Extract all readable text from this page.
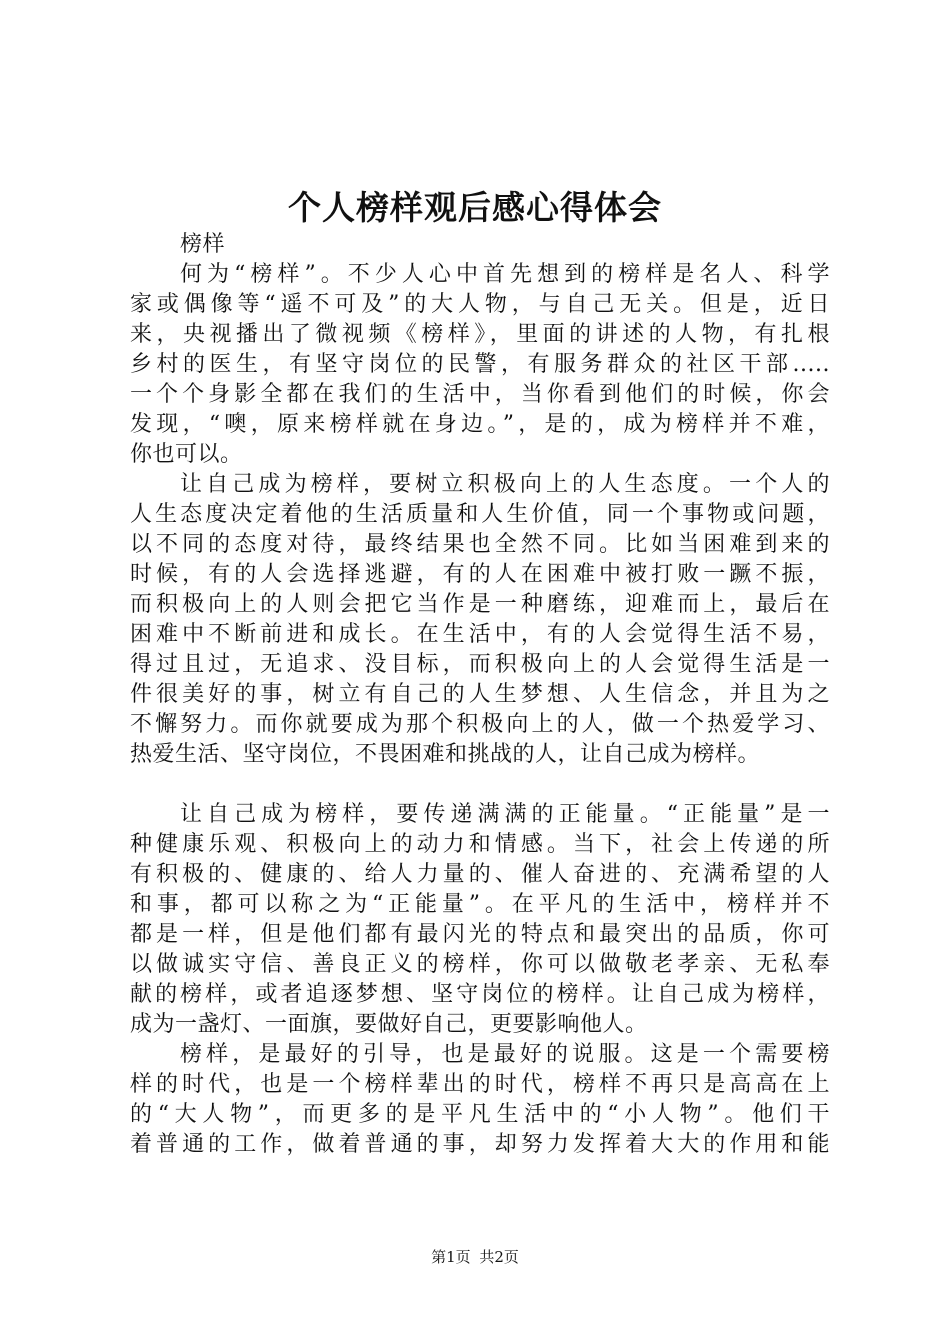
个人榜样观后感心得体会
榜样
何为“榜样”。不少人心中首先想到的榜样是名人、科学
家或偶像等“遥不可及”的大人物，与自己无关。但是，近日
来，央视播出了微视频《榜样》，里面的讲述的人物，有扎根
乡村的医生，有坚守岗位的民警，有服务群众的社区干部.....
一个个身影全都在我们的生活中，当你看到他们的时候，你会
发现，“噢，原来榜样就在身边。”，是的，成为榜样并不难，
你也可以。
让自己成为榜样，要树立积极向上的人生态度。一个人的
人生态度决定着他的生活质量和人生价值，同一个事物或问题，
以不同的态度对待，最终结果也全然不同。比如当困难到来的
时候，有的人会选择逃避，有的人在困难中被打败一蹶不振，
而积极向上的人则会把它当作是一种磨练，迎难而上，最后在
困难中不断前进和成长。在生活中，有的人会觉得生活不易，
得过且过，无追求、没目标，而积极向上的人会觉得生活是一
件很美好的事，树立有自己的人生梦想、人生信念，并且为之
不懈努力。而你就要成为那个积极向上的人，做一个热爱学习、
热爱生活、坚守岗位，不畏困难和挑战的人，让自己成为榜样。
让自己成为榜样，要传递满满的正能量。“正能量”是一
种健康乐观、积极向上的动力和情感。当下，社会上传递的所
有积极的、健康的、给人力量的、催人奋进的、充满希望的人
和事，都可以称之为“正能量”。在平凡的生活中，榜样并不
都是一样，但是他们都有最闪光的特点和最突出的品质，你可
以做诚实守信、善良正义的榜样，你可以做敬老孝亲、无私奉
献的榜样，或者追逐梦想、坚守岗位的榜样。让自己成为榜样，
成为一盏灯、一面旗，要做好自己，更要影响他人。
榜样，是最好的引导，也是最好的说服。这是一个需要榜
样的时代，也是一个榜样辈出的时代，榜样不再只是高高在上
的“大人物”，而更多的是平凡生活中的“小人物”。他们干
着普通的工作，做着普通的事，却努力发挥着大大的作用和能
第1页 共2页
